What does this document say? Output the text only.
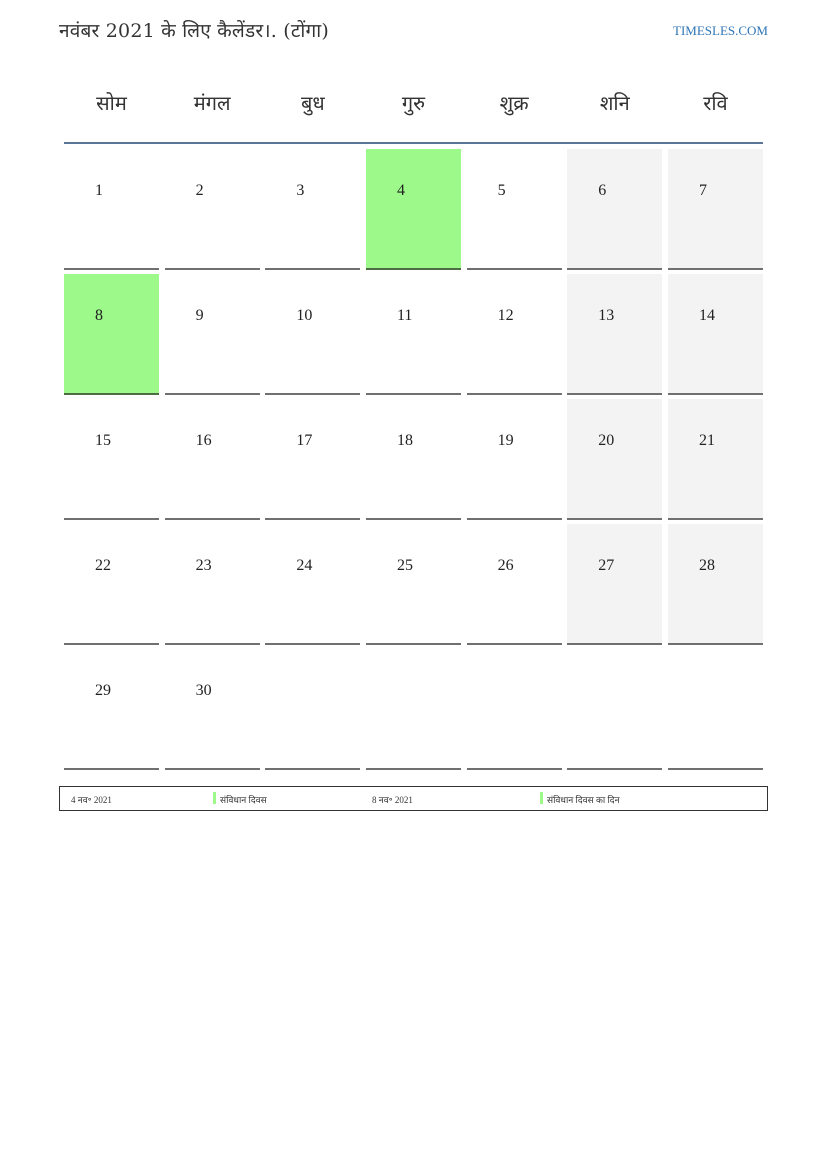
नवंबर 2021 के लिए कैलेंडर।. (टोंगा)	TIMESLES.COM
सोम	मंगल	बुध	गुरु	शुक्र	शनि	रवि
1	2	3	4	5	6	7
8	9	10	11	12	13	14
15	16	17	18	19	20	21
22	23	24	25	26	27	28
29	30
4 नव॰ 2021	संविधान दिवस	8 नव॰ 2021	संविधान दिवस का दिन
